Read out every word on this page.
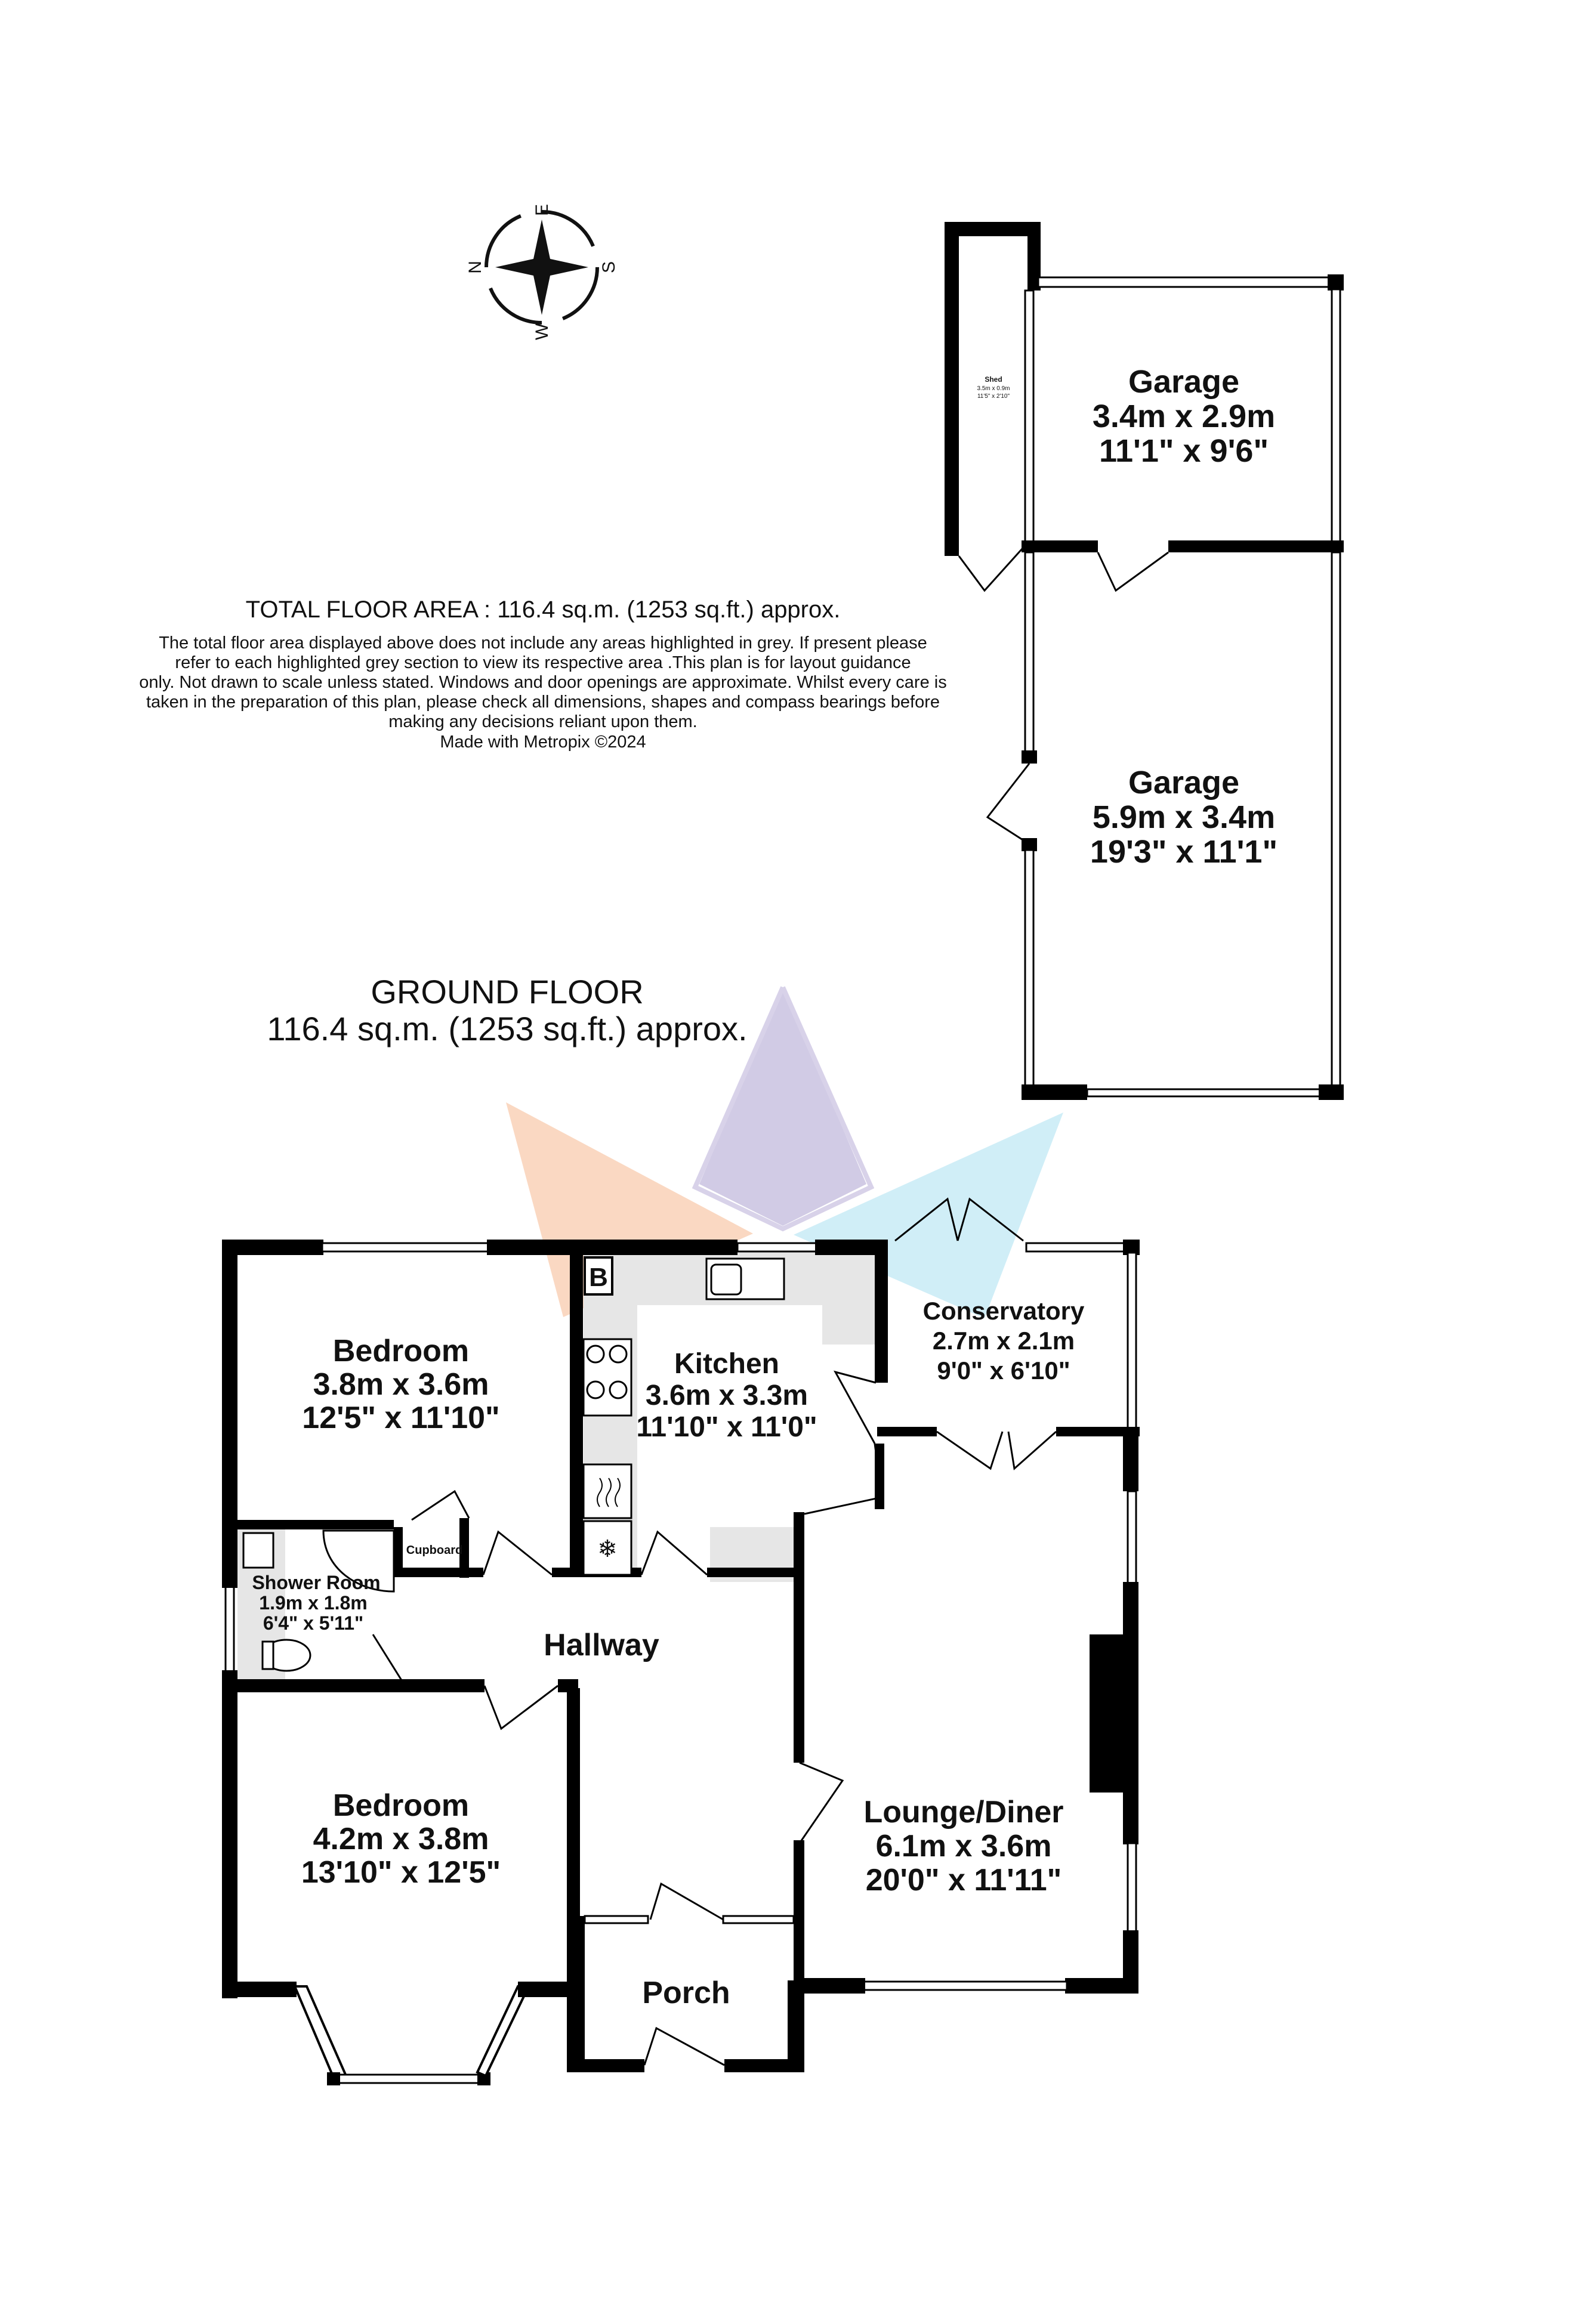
N
E
S
W
Shed
3.5m x 0.9m
11'5" x 2'10"	Garage
3.4m x 2.9m
11'1" x 9'6"
Garage
5.9m x 3.4m
19'3" x 11'1"
B
❄
Bedroom
3.8m x 3.6m
12'5" x 11'10"
Kitchen
3.6m x 3.3m
11'10" x 11'0"
Conservatory
2.7m x 2.1m
9'0" x 6'10"
Cupboard
Shower Room
1.9m x 1.8m
6'4" x 5'11"
Hallway
Bedroom
4.2m x 3.8m
13'10" x 12'5"
Lounge/Diner
6.1m x 3.6m
20'0" x 11'11"
Porch
TOTAL FLOOR AREA : 116.4 sq.m. (1253 sq.ft.) approx.
The total floor area displayed above does not include any areas highlighted in grey. If present please
refer to each highlighted grey section to view its respective area .This plan is for layout guidance
only. Not drawn to scale unless stated. Windows and door openings are approximate. Whilst every care is
taken in the preparation of this plan, please check all dimensions, shapes and compass bearings before
making any decisions reliant upon them.
Made with Metropix ©2024
GROUND FLOOR
116.4 sq.m. (1253 sq.ft.) approx.
